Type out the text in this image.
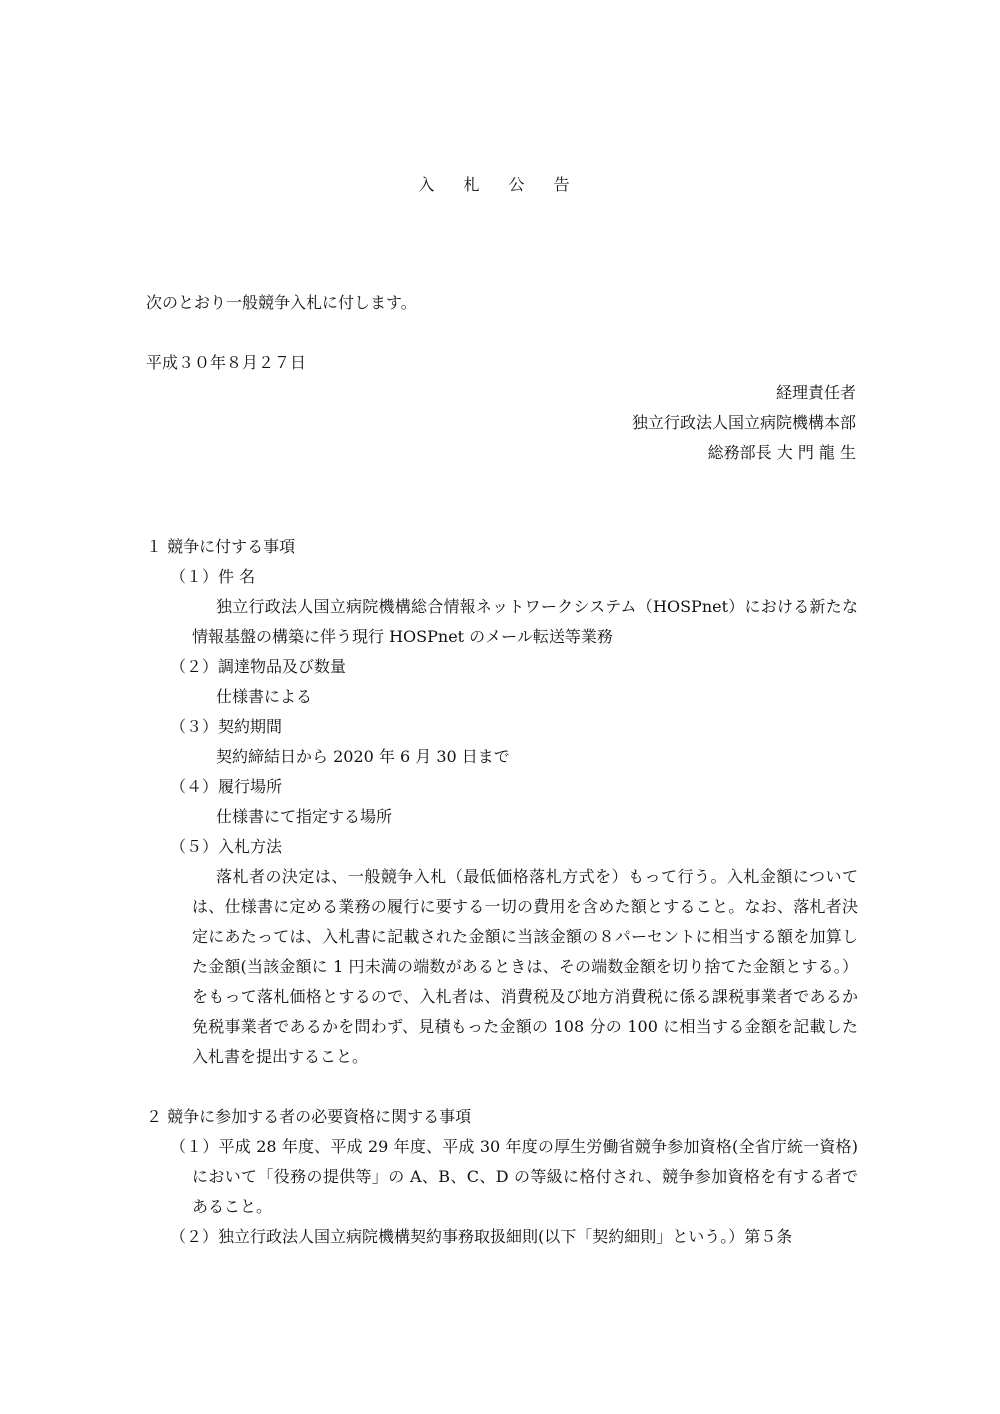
入 札 公 告
次のとおり一般競争入札に付します。
平成３０年８月２７日
経理責任者
独立行政法人国立病院機構本部
総務部長 大 門 龍 生
１ 競争に付する事項
（１）件 名
独立行政法人国立病院機構総合情報ネットワークシステム（HOSPnet）における新たな情報基盤の構築に伴う現行 HOSPnet のメール転送等業務
（２）調達物品及び数量
仕様書による
（３）契約期間
契約締結日から 2020 年 6 月 30 日まで
（４）履行場所
仕様書にて指定する場所
（５）入札方法
落札者の決定は、一般競争入札（最低価格落札方式を）もって行う。入札金額については、仕様書に定める業務の履行に要する一切の費用を含めた額とすること。なお、落札者決定にあたっては、入札書に記載された金額に当該金額の８パーセントに相当する額を加算した金額(当該金額に 1 円未満の端数があるときは、その端数金額を切り捨てた金額とする。）をもって落札価格とするので、入札者は、消費税及び地方消費税に係る課税事業者であるか免税事業者であるかを問わず、見積もった金額の 108 分の 100 に相当する金額を記載した入札書を提出すること。
２ 競争に参加する者の必要資格に関する事項
（１）平成 28 年度、平成 29 年度、平成 30 年度の厚生労働省競争参加資格(全省庁統一資格)において「役務の提供等」の A、B、C、D の等級に格付され、競争参加資格を有する者であること。
（２）独立行政法人国立病院機構契約事務取扱細則(以下「契約細則」という。）第５条
